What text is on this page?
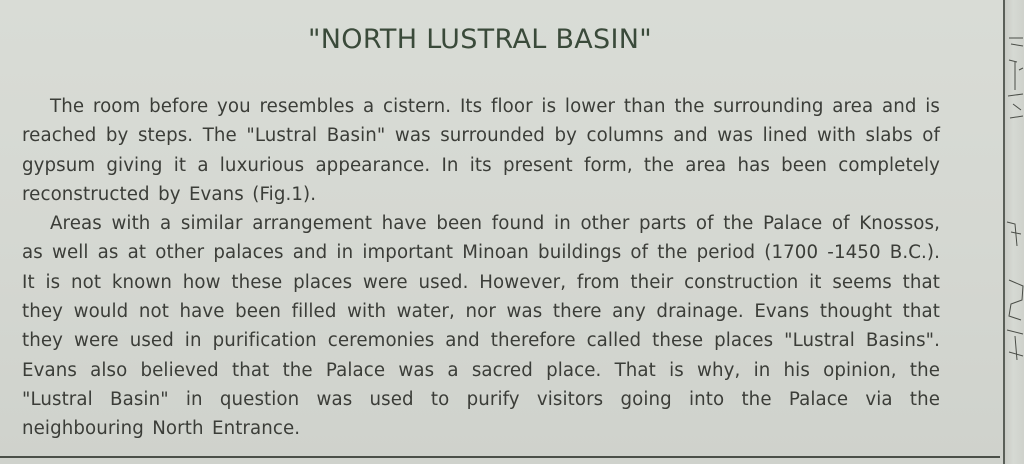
"NORTH LUSTRAL BASIN"

The room before you resembles a cistern. Its floor is lower than the surrounding area and is reached by steps. The "Lustral Basin" was surrounded by columns and was lined with slabs of gypsum giving it a luxurious appearance. In its present form, the area has been completely reconstructed by Evans (Fig.1).

Areas with a similar arrangement have been found in other parts of the Palace of Knossos, as well as at other palaces and in important Minoan buildings of the period (1700 -1450 B.C.). It is not known how these places were used. However, from their construction it seems that they would not have been filled with water, nor was there any drainage. Evans thought that they were used in purification ceremonies and therefore called these places "Lustral Basins". Evans also believed that the Palace was a sacred place. That is why, in his opinion, the "Lustral Basin" in question was used to purify visitors going into the Palace via the neighbouring North Entrance.
